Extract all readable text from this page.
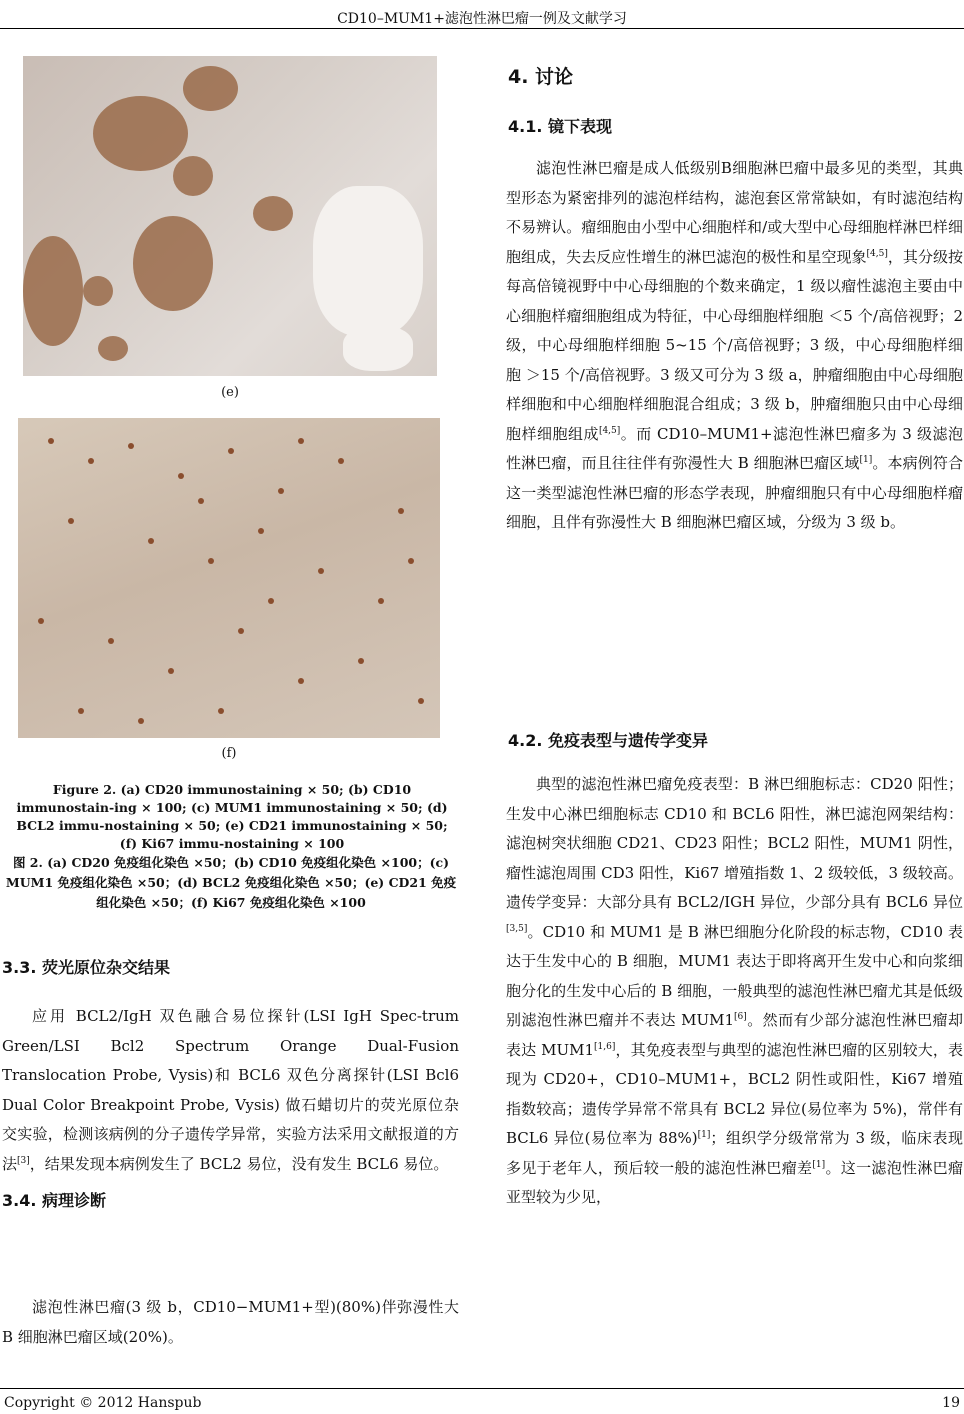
CD10–MUM1+滤泡性淋巴瘤一例及文献学习
(e)
(f)
Figure 2. (a) CD20 immunostaining × 50; (b) CD10 immunostain-ing × 100; (c) MUM1 immunostaining × 50; (d) BCL2 immu-nostaining × 50; (e) CD21 immunostaining × 50; (f) Ki67 immu-nostaining × 100
图 2. (a) CD20 免疫组化染色 ×50；(b) CD10 免疫组化染色 ×100；(c) MUM1 免疫组化染色 ×50；(d) BCL2 免疫组化染色 ×50；(e) CD21 免疫组化染色 ×50；(f) Ki67 免疫组化染色 ×100
3.3. 荧光原位杂交结果
应用 BCL2/IgH 双色融合易位探针(LSI IgH Spec-trum Green/LSI Bcl2 Spectrum Orange Dual-Fusion Translocation Probe, Vysis)和 BCL6 双色分离探针(LSI Bcl6 Dual Color Breakpoint Probe, Vysis) 做石蜡切片的荧光原位杂交实验，检测该病例的分子遗传学异常，实验方法采用文献报道的方法[3]，结果发现本病例发生了 BCL2 易位，没有发生 BCL6 易位。
3.4. 病理诊断
滤泡性淋巴瘤(3 级 b，CD10−MUM1+型)(80%)伴弥漫性大 B 细胞淋巴瘤区域(20%)。
4. 讨论
4.1. 镜下表现
滤泡性淋巴瘤是成人低级别B细胞淋巴瘤中最多见的类型，其典型形态为紧密排列的滤泡样结构，滤泡套区常常缺如，有时滤泡结构不易辨认。瘤细胞由小型中心细胞样和/或大型中心母细胞样淋巴样细胞组成，失去反应性增生的淋巴滤泡的极性和星空现象[4,5]，其分级按每高倍镜视野中中心母细胞的个数来确定，1 级以瘤性滤泡主要由中心细胞样瘤细胞组成为特征，中心母细胞样细胞 ＜5 个/高倍视野；2 级，中心母细胞样细胞 5~15 个/高倍视野；3 级，中心母细胞样细胞 ＞15 个/高倍视野。3 级又可分为 3 级 a，肿瘤细胞由中心母细胞样细胞和中心细胞样细胞混合组成；3 级 b，肿瘤细胞只由中心母细胞样细胞组成[4,5]。而 CD10–MUM1+滤泡性淋巴瘤多为 3 级滤泡性淋巴瘤，而且往往伴有弥漫性大 B 细胞淋巴瘤区域[1]。本病例符合这一类型滤泡性淋巴瘤的形态学表现，肿瘤细胞只有中心母细胞样瘤细胞，且伴有弥漫性大 B 细胞淋巴瘤区域，分级为 3 级 b。
4.2. 免疫表型与遗传学变异
典型的滤泡性淋巴瘤免疫表型：B 淋巴细胞标志：CD20 阳性；生发中心淋巴细胞标志 CD10 和 BCL6 阳性，淋巴滤泡网架结构：滤泡树突状细胞 CD21、CD23 阳性；BCL2 阳性，MUM1 阴性，瘤性滤泡周围 CD3 阳性，Ki67 增殖指数 1、2 级较低，3 级较高。遗传学变异：大部分具有 BCL2/IGH 异位，少部分具有 BCL6 异位[3,5]。CD10 和 MUM1 是 B 淋巴细胞分化阶段的标志物，CD10 表达于生发中心的 B 细胞，MUM1 表达于即将离开生发中心和向浆细胞分化的生发中心后的 B 细胞，一般典型的滤泡性淋巴瘤尤其是低级别滤泡性淋巴瘤并不表达 MUM1[6]。然而有少部分滤泡性淋巴瘤却表达 MUM1[1,6]，其免疫表型与典型的滤泡性淋巴瘤的区别较大，表现为 CD20+，CD10–MUM1+，BCL2 阴性或阳性，Ki67 增殖指数较高；遗传学异常不常具有 BCL2 异位(易位率为 5%)，常伴有 BCL6 异位(易位率为 88%)[1]；组织学分级常常为 3 级，临床表现多见于老年人，预后较一般的滤泡性淋巴瘤差[1]。这一滤泡性淋巴瘤亚型较为少见，
Copyright © 2012 Hanspub	19
